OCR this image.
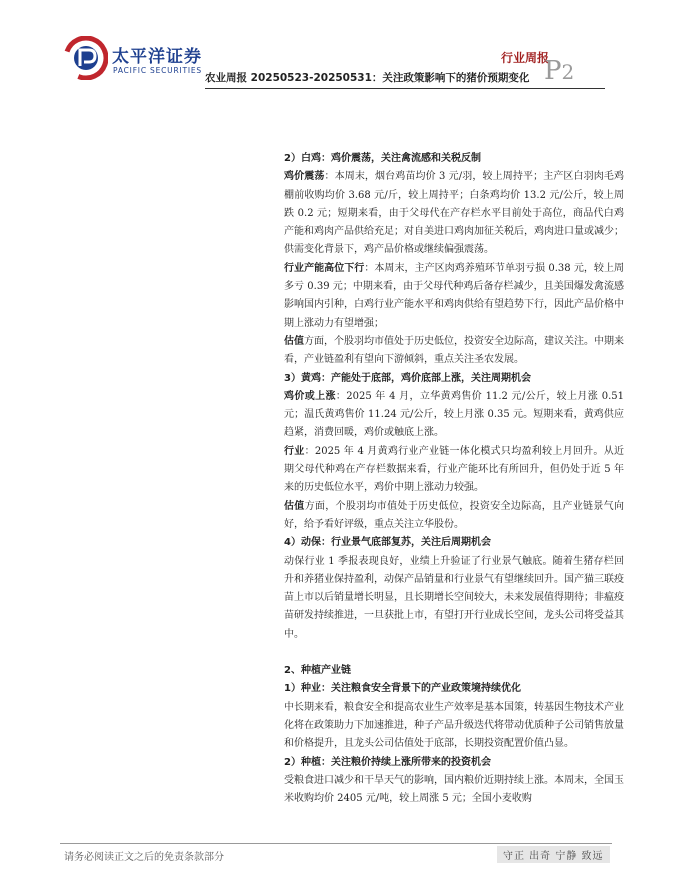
太平洋证券
PACIFIC SECURITIES
行业周报
农业周报 20250523-20250531：关注政策影响下的猪价预期变化 P2

2）白鸡：鸡价震荡，关注禽流感和关税反制

鸡价震荡：本周末，烟台鸡苗均价 3 元/羽，较上周持平；主产区白羽肉毛鸡棚前收购均价 3.68 元/斤，较上周持平；白条鸡均价 13.2 元/公斤，较上周跌 0.2 元；短期来看，由于父母代在产存栏水平目前处于高位，商品代白鸡产能和鸡肉产品供给充足；对自美进口鸡肉加征关税后，鸡肉进口量或减少；供需变化背景下，鸡产品价格或继续偏强震荡。

行业产能高位下行：本周末，主产区肉鸡养殖环节单羽亏损 0.38 元，较上周多亏 0.39 元；中期来看，由于父母代种鸡后备存栏减少，且美国爆发禽流感影响国内引种，白鸡行业产能水平和鸡肉供给有望趋势下行，因此产品价格中期上涨动力有望增强；

估值方面，个股羽均市值处于历史低位，投资安全边际高，建议关注。中期来看，产业链盈利有望向下游倾斜，重点关注圣农发展。

3）黄鸡：产能处于底部，鸡价底部上涨，关注周期机会

鸡价或上涨：2025 年 4 月，立华黄鸡售价 11.2 元/公斤，较上月涨 0.51 元；温氏黄鸡售价 11.24 元/公斤，较上月涨 0.35 元。短期来看，黄鸡供应趋紧，消费回暖，鸡价或触底上涨。

行业：2025 年 4 月黄鸡行业产业链一体化模式只均盈利较上月回升。从近期父母代种鸡在产存栏数据来看，行业产能环比有所回升，但仍处于近 5 年来的历史低位水平，鸡价中期上涨动力较强。

估值方面，个股羽均市值处于历史低位，投资安全边际高，且产业链景气向好，给予看好评级，重点关注立华股份。

4）动保：行业景气底部复苏，关注后周期机会

动保行业 1 季报表现良好，业绩上升验证了行业景气触底。随着生猪存栏回升和养猪业保持盈利，动保产品销量和行业景气有望继续回升。国产猫三联疫苗上市以后销量增长明显，且长期增长空间较大，未来发展值得期待；非瘟疫苗研发持续推进，一旦获批上市，有望打开行业成长空间，龙头公司将受益其中。

2、种植产业链

1）种业：关注粮食安全背景下的产业政策境持续优化

中长期来看，粮食安全和提高农业生产效率是基本国策，转基因生物技术产业化将在政策助力下加速推进，种子产品升级迭代将带动优质种子公司销售放量和价格提升，且龙头公司估值处于底部，长期投资配置价值凸显。

2）种植：关注粮价持续上涨所带来的投资机会

受粮食进口减少和干旱天气的影响，国内粮价近期持续上涨。本周末，全国玉米收购均价 2405 元/吨，较上周涨 5 元；全国小麦收购

请务必阅读正文之后的免责条款部分	守正 出奇 宁静 致远
